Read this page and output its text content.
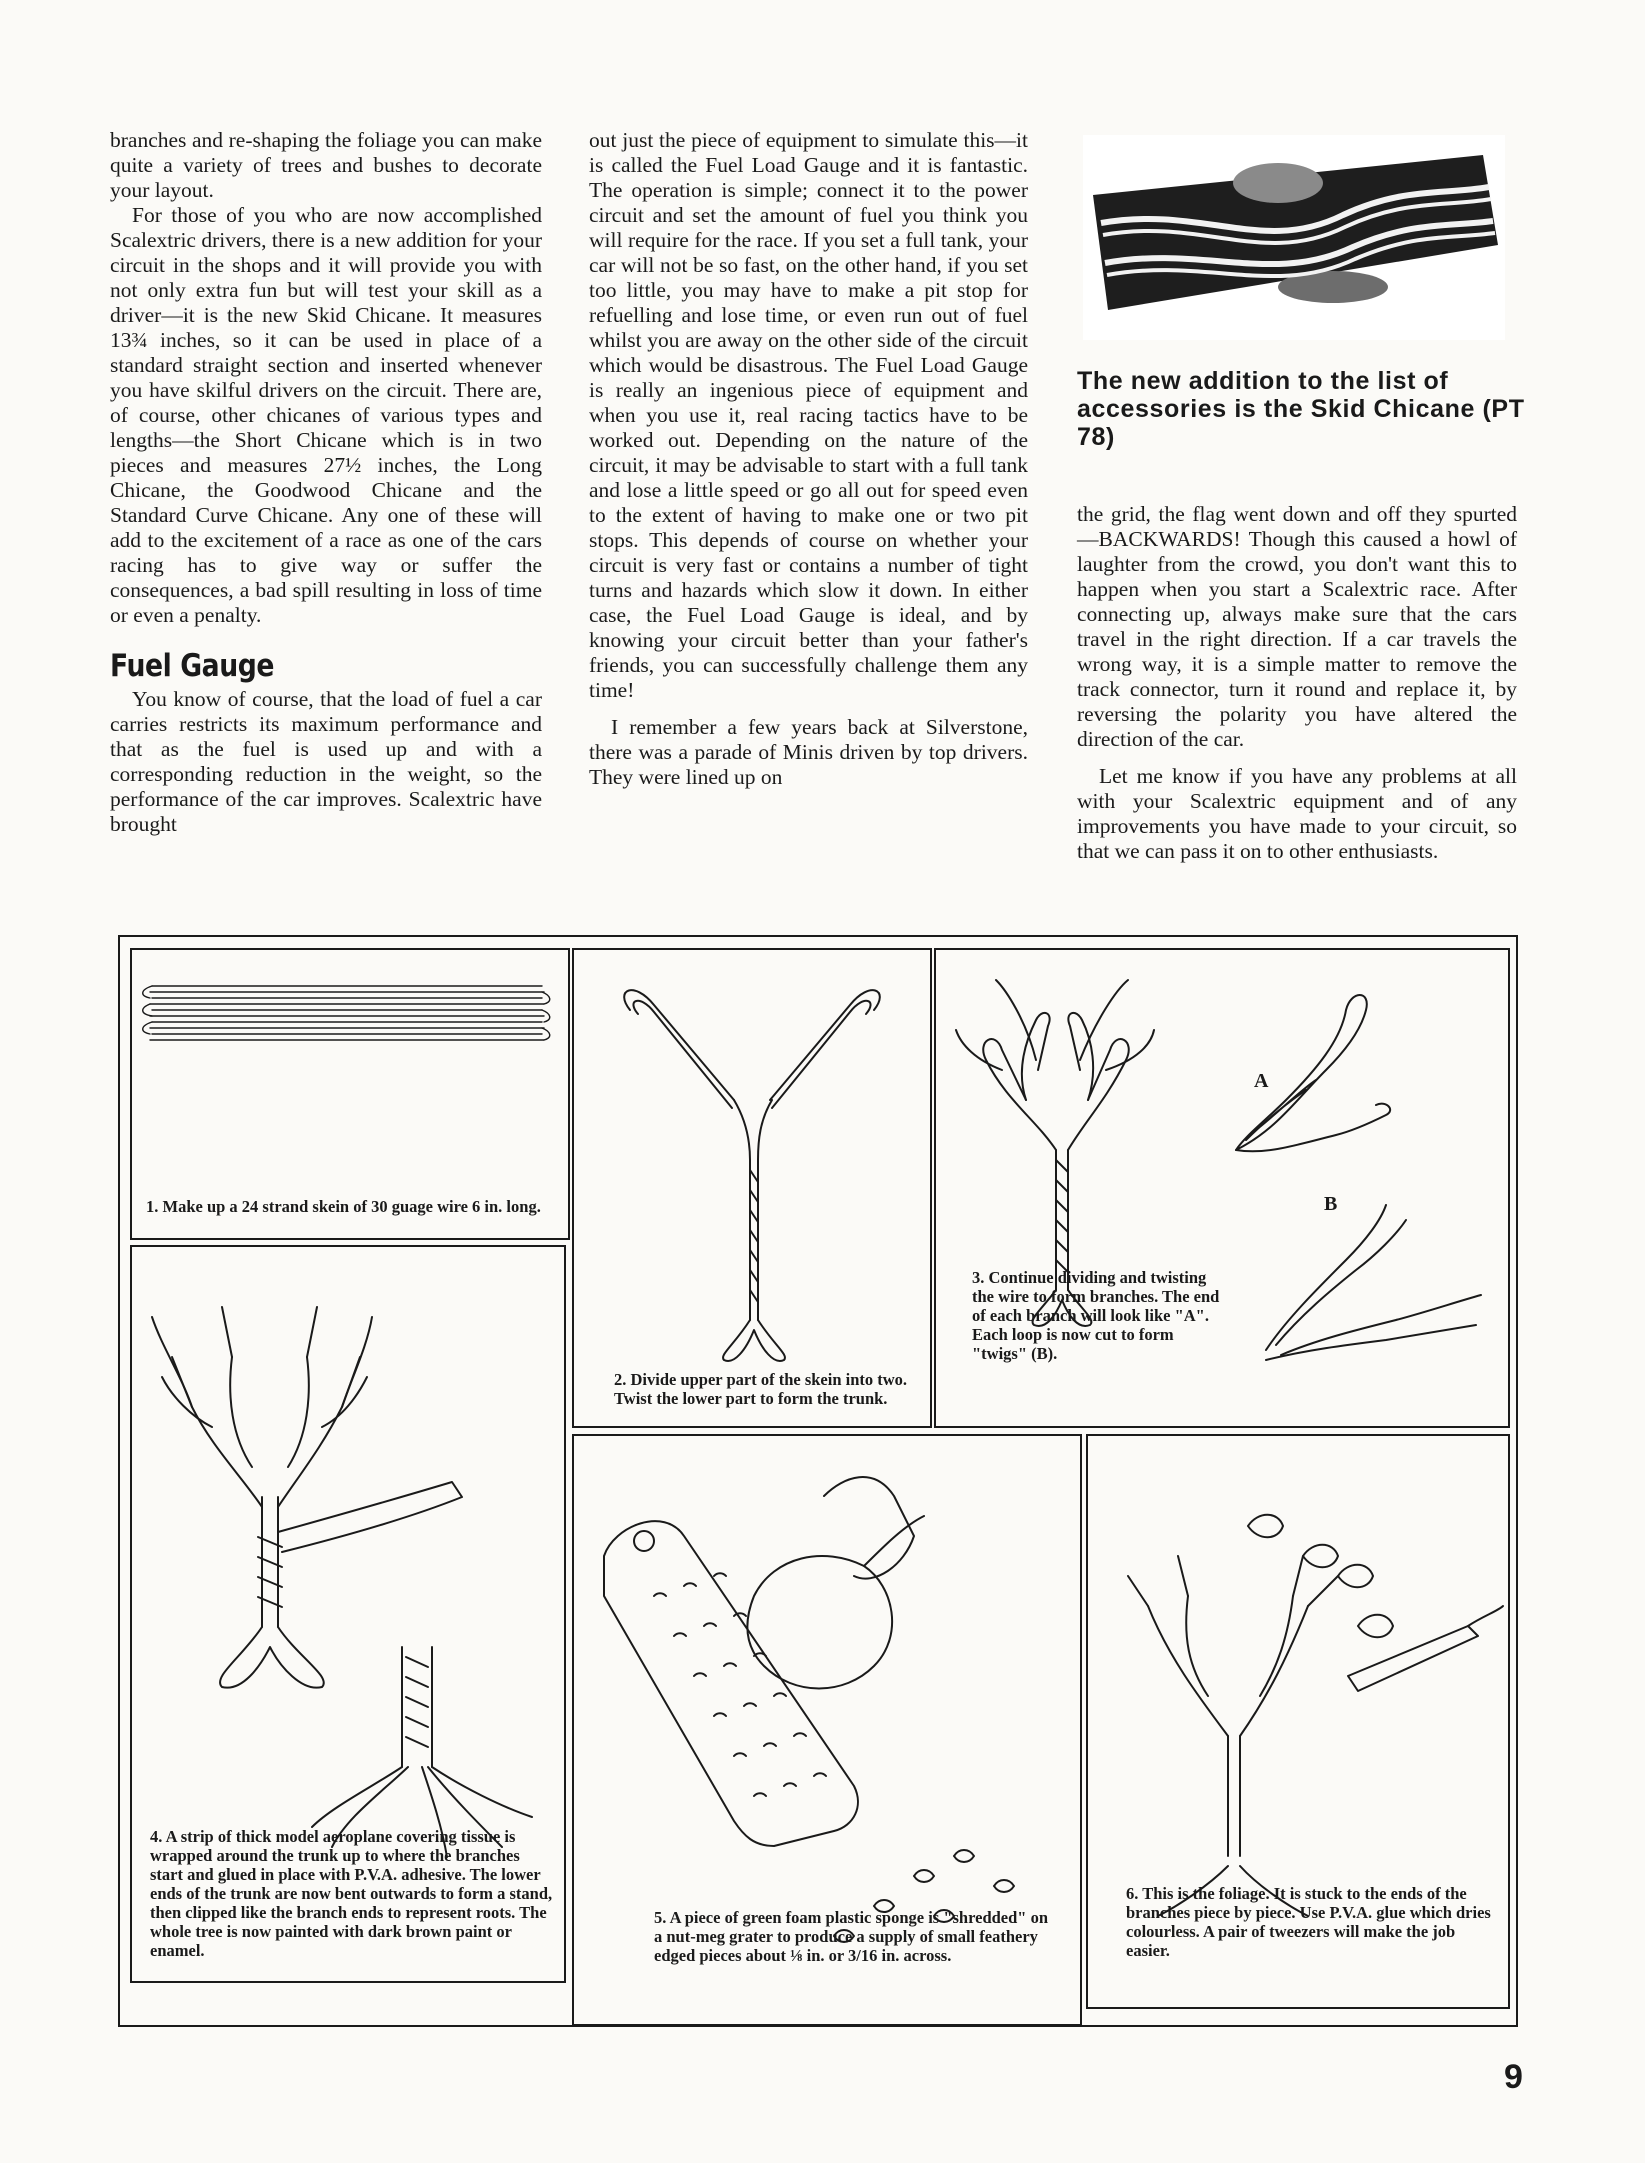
branches and re-shaping the foliage you can make quite a variety of trees and bushes to decorate your layout.

For those of you who are now accomplished Scalextric drivers, there is a new addition for your circuit in the shops and it will provide you with not only extra fun but will test your skill as a driver—it is the new Skid Chicane. It measures 13¾ inches, so it can be used in place of a standard straight section and inserted whenever you have skilful drivers on the circuit. There are, of course, other chicanes of various types and lengths—the Short Chicane which is in two pieces and measures 27½ inches, the Long Chicane, the Goodwood Chicane and the Standard Curve Chicane. Any one of these will add to the excitement of a race as one of the cars racing has to give way or suffer the consequences, a bad spill resulting in loss of time or even a penalty.

Fuel Gauge

You know of course, that the load of fuel a car carries restricts its maximum performance and that as the fuel is used up and with a corresponding reduction in the weight, so the performance of the car improves. Scalextric have brought

out just the piece of equipment to simulate this—it is called the Fuel Load Gauge and it is fantastic. The operation is simple; connect it to the power circuit and set the amount of fuel you think you will require for the race. If you set a full tank, your car will not be so fast, on the other hand, if you set too little, you may have to make a pit stop for refuelling and lose time, or even run out of fuel whilst you are away on the other side of the circuit which would be disastrous. The Fuel Load Gauge is really an ingenious piece of equipment and when you use it, real racing tactics have to be worked out. Depending on the nature of the circuit, it may be advisable to start with a full tank and lose a little speed or go all out for speed even to the extent of having to make one or two pit stops. This depends of course on whether your circuit is very fast or contains a number of tight turns and hazards which slow it down. In either case, the Fuel Load Gauge is ideal, and by knowing your circuit better than your father's friends, you can successfully challenge them any time!

I remember a few years back at Silverstone, there was a parade of Minis driven by top drivers. They were lined up on

The new addition to the list of accessories is the Skid Chicane (PT 78)

the grid, the flag went down and off they spurted—BACKWARDS! Though this caused a howl of laughter from the crowd, you don't want this to happen when you start a Scalextric race. After connecting up, always make sure that the cars travel in the right direction. If a car travels the wrong way, it is a simple matter to remove the track connector, turn it round and replace it, by reversing the polarity you have altered the direction of the car.

Let me know if you have any problems at all with your Scalextric equipment and of any improvements you have made to your circuit, so that we can pass it on to other enthusiasts.

1. Make up a 24 strand skein of 30 guage wire 6 in. long.
2. Divide upper part of the skein into two. Twist the lower part to form the trunk.
A
B
3. Continue dividing and twisting the wire to form branches. The end of each branch will look like "A". Each loop is now cut to form "twigs" (B).
4. A strip of thick model aeroplane covering tissue is wrapped around the trunk up to where the branches start and glued in place with P.V.A. adhesive. The lower ends of the trunk are now bent outwards to form a stand, then clipped like the branch ends to represent roots. The whole tree is now painted with dark brown paint or enamel.
5. A piece of green foam plastic sponge is "shredded" on a nut-meg grater to produce a supply of small feathery edged pieces about ⅛ in. or 3/16 in. across.
6. This is the foliage. It is stuck to the ends of the branches piece by piece. Use P.V.A. glue which dries colourless. A pair of tweezers will make the job easier.
9
